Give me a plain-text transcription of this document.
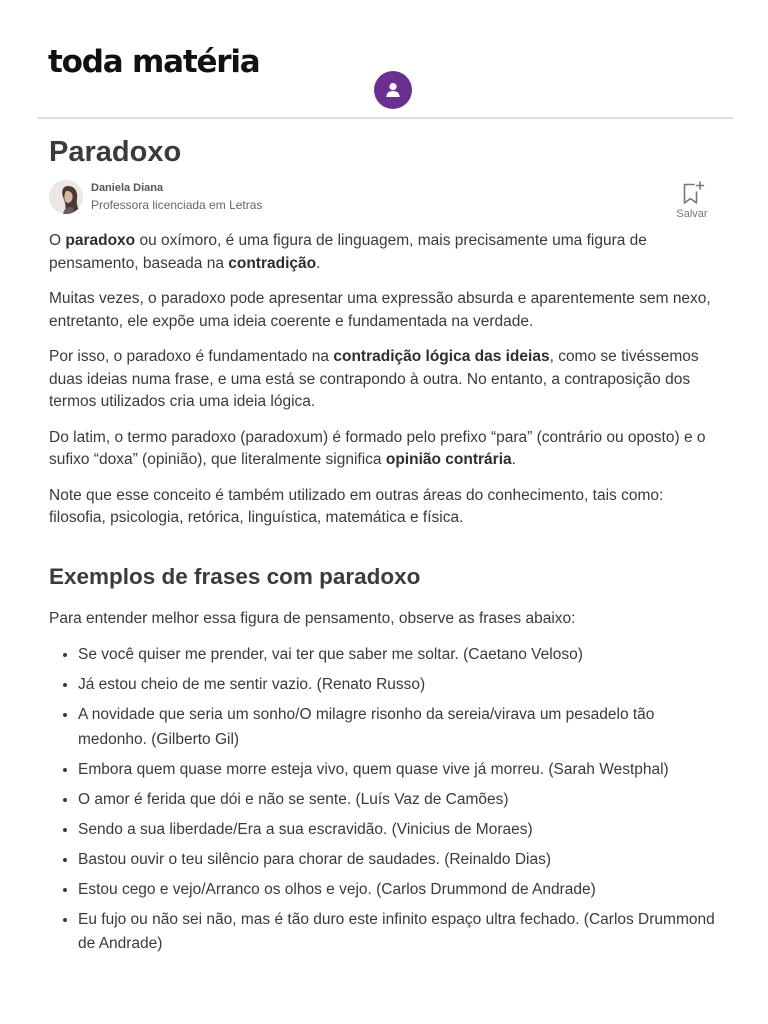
toda matéria
Paradoxo
Daniela Diana
Professora licenciada em Letras
Salvar

O paradoxo ou oxímoro, é uma figura de linguagem, mais precisamente uma figura de pensamento, baseada na contradição.

Muitas vezes, o paradoxo pode apresentar uma expressão absurda e aparentemente sem nexo, entretanto, ele expõe uma ideia coerente e fundamentada na verdade.

Por isso, o paradoxo é fundamentado na contradição lógica das ideias, como se tivéssemos duas ideias numa frase, e uma está se contrapondo à outra. No entanto, a contraposição dos termos utilizados cria uma ideia lógica.

Do latim, o termo paradoxo (paradoxum) é formado pelo prefixo “para” (contrário ou oposto) e o sufixo “doxa” (opinião), que literalmente significa opinião contrária.

Note que esse conceito é também utilizado em outras áreas do conhecimento, tais como: filosofia, psicologia, retórica, linguística, matemática e física.

Exemplos de frases com paradoxo

Para entender melhor essa figura de pensamento, observe as frases abaixo:

• Se você quiser me prender, vai ter que saber me soltar. (Caetano Veloso)
• Já estou cheio de me sentir vazio. (Renato Russo)
• A novidade que seria um sonho/O milagre risonho da sereia/virava um pesadelo tão medonho. (Gilberto Gil)
• Embora quem quase morre esteja vivo, quem quase vive já morreu. (Sarah Westphal)
• O amor é ferida que dói e não se sente. (Luís Vaz de Camões)
• Sendo a sua liberdade/Era a sua escravidão. (Vinicius de Moraes)
• Bastou ouvir o teu silêncio para chorar de saudades. (Reinaldo Dias)
• Estou cego e vejo/Arranco os olhos e vejo. (Carlos Drummond de Andrade)
• Eu fujo ou não sei não, mas é tão duro este infinito espaço ultra fechado. (Carlos Drummond de Andrade)
